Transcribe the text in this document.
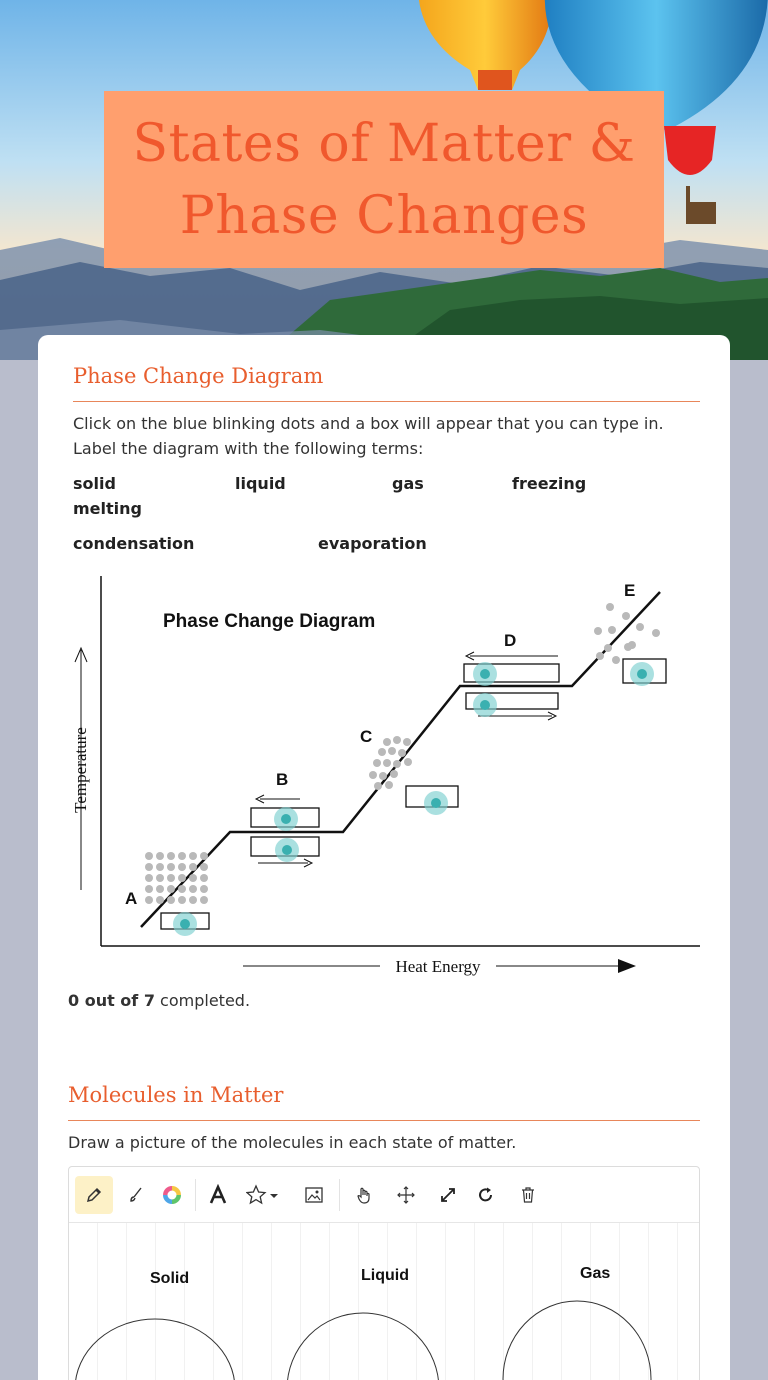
States of Matter &
Phase Changes
Phase Change Diagram
Click on the blue blinking dots and a box will appear that you can type in. Label the diagram with the following terms:
solid	liquid	gas	freezing
melting
condensation	evaporation
Temperature
Heat Energy
Phase Change Diagram
A
B
C
D
E
0 out of 7 completed.
Molecules in Matter
Draw a picture of the molecules in each state of matter.
Solid	Liquid	Gas
